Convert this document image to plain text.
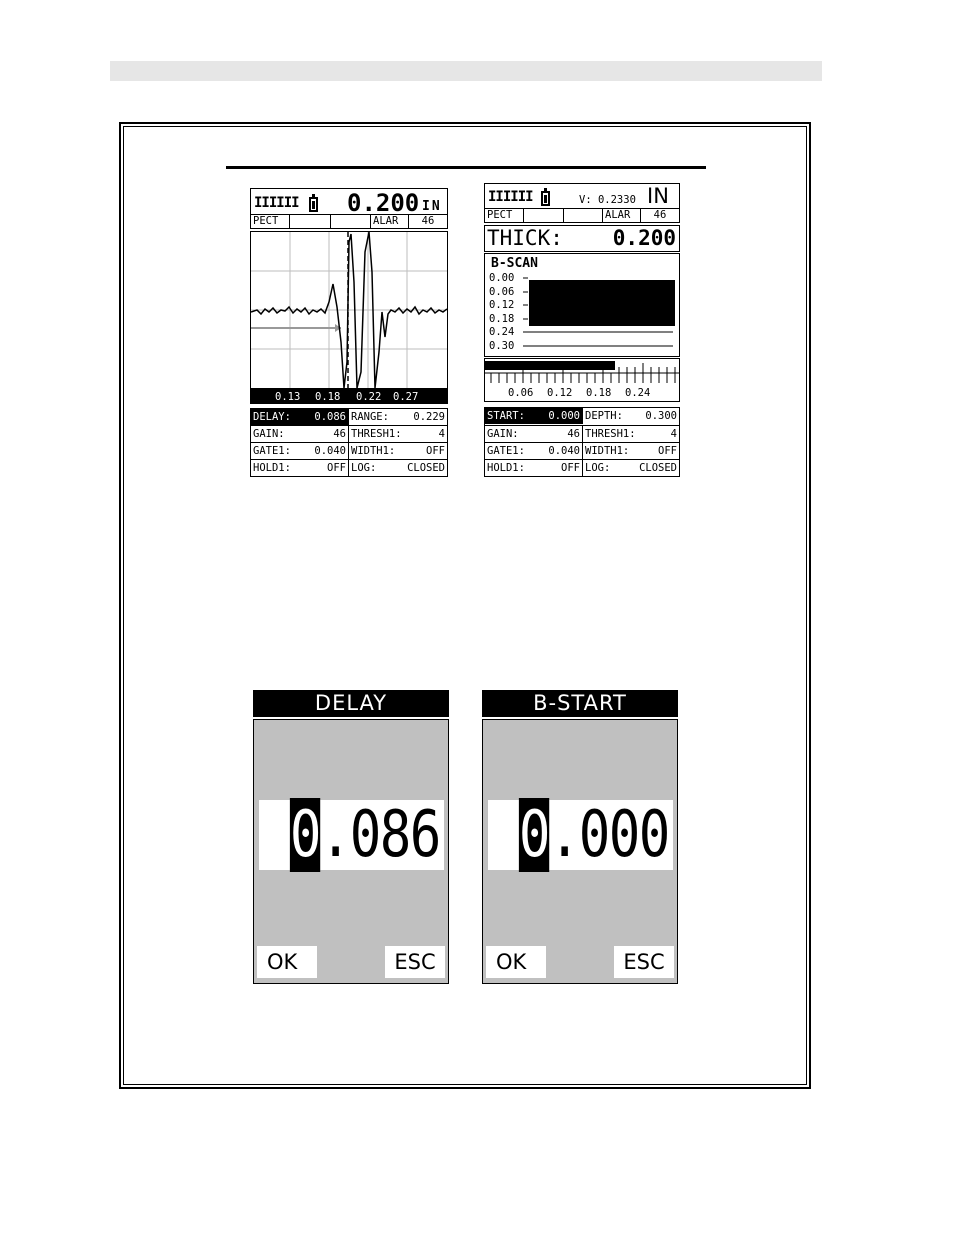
IIIIII 0.200 IN
PECT	ALAR	46
0.13 0.18 0.22 0.27
DELAY: 0.086 RANGE: 0.229
GAIN:	46 THRESH1:	4
GATE1: 0.040 WIDTH1:	OFF
HOLD1:	OFF LOG:	CLOSED
IIIIII	V: 0.2330 IN
PECT	ALAR	46
THICK: 0.200
B-SCAN
0.00
0.06
0.12
0.18
0.24
0.30
0.06 0.12 0.18 0.24
START: 0.000 DEPTH: 0.300
GAIN:	46 THRESH1:	4
GATE1: 0.040 WIDTH1:	OFF
HOLD1:	OFF LOG:	CLOSED
DELAY
0.086
OK	ESC
B-START
0.000
OK	ESC
